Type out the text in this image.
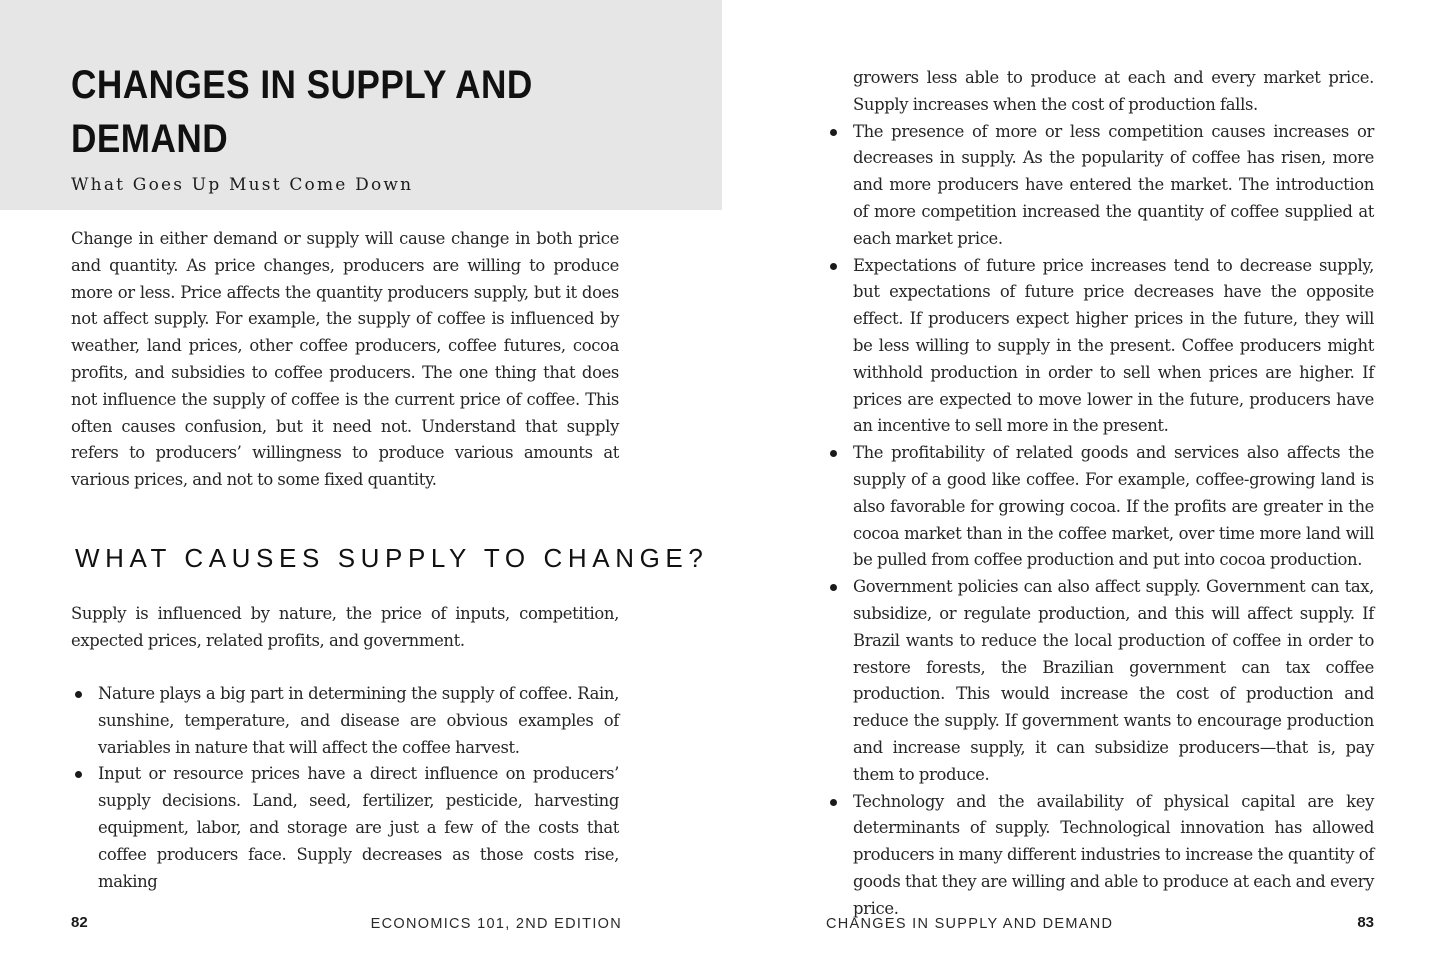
CHANGES IN SUPPLY AND DEMAND

What Goes Up Must Come Down

Change in either demand or supply will cause change in both price and quantity. As price changes, producers are willing to produce more or less. Price affects the quantity producers supply, but it does not affect supply. For example, the supply of coffee is influenced by weather, land prices, other coffee producers, coffee futures, cocoa profits, and subsidies to coffee producers. The one thing that does not influence the supply of coffee is the current price of coffee. This often causes confusion, but it need not. Understand that supply refers to producers’ willingness to produce various amounts at various prices, and not to some fixed quantity.

WHAT CAUSES SUPPLY TO CHANGE?

Supply is influenced by nature, the price of inputs, competition, expected prices, related profits, and government.

Nature plays a big part in determining the supply of coffee. Rain, sunshine, temperature, and disease are obvious examples of variables in nature that will affect the coffee harvest.

Input or resource prices have a direct influence on producers’ supply decisions. Land, seed, fertilizer, pesticide, harvesting equipment, labor, and storage are just a few of the costs that coffee producers face. Supply decreases as those costs rise, making

82	ECONOMICS 101, 2ND EDITION

growers less able to produce at each and every market price. Supply increases when the cost of production falls.

The presence of more or less competition causes increases or decreases in supply. As the popularity of coffee has risen, more and more producers have entered the market. The introduction of more competition increased the quantity of coffee supplied at each market price.

Expectations of future price increases tend to decrease supply, but expectations of future price decreases have the opposite effect. If producers expect higher prices in the future, they will be less willing to supply in the present. Coffee producers might withhold production in order to sell when prices are higher. If prices are expected to move lower in the future, producers have an incentive to sell more in the present.

The profitability of related goods and services also affects the supply of a good like coffee. For example, coffee-growing land is also favorable for growing cocoa. If the profits are greater in the cocoa market than in the coffee market, over time more land will be pulled from coffee production and put into cocoa production.

Government policies can also affect supply. Government can tax, subsidize, or regulate production, and this will affect supply. If Brazil wants to reduce the local production of coffee in order to restore forests, the Brazilian government can tax coffee production. This would increase the cost of production and reduce the supply. If government wants to encourage production and increase supply, it can subsidize producers—that is, pay them to produce.

Technology and the availability of physical capital are key determinants of supply. Technological innovation has allowed producers in many different industries to increase the quantity of goods that they are willing and able to produce at each and every price.

CHANGES IN SUPPLY AND DEMAND	83
